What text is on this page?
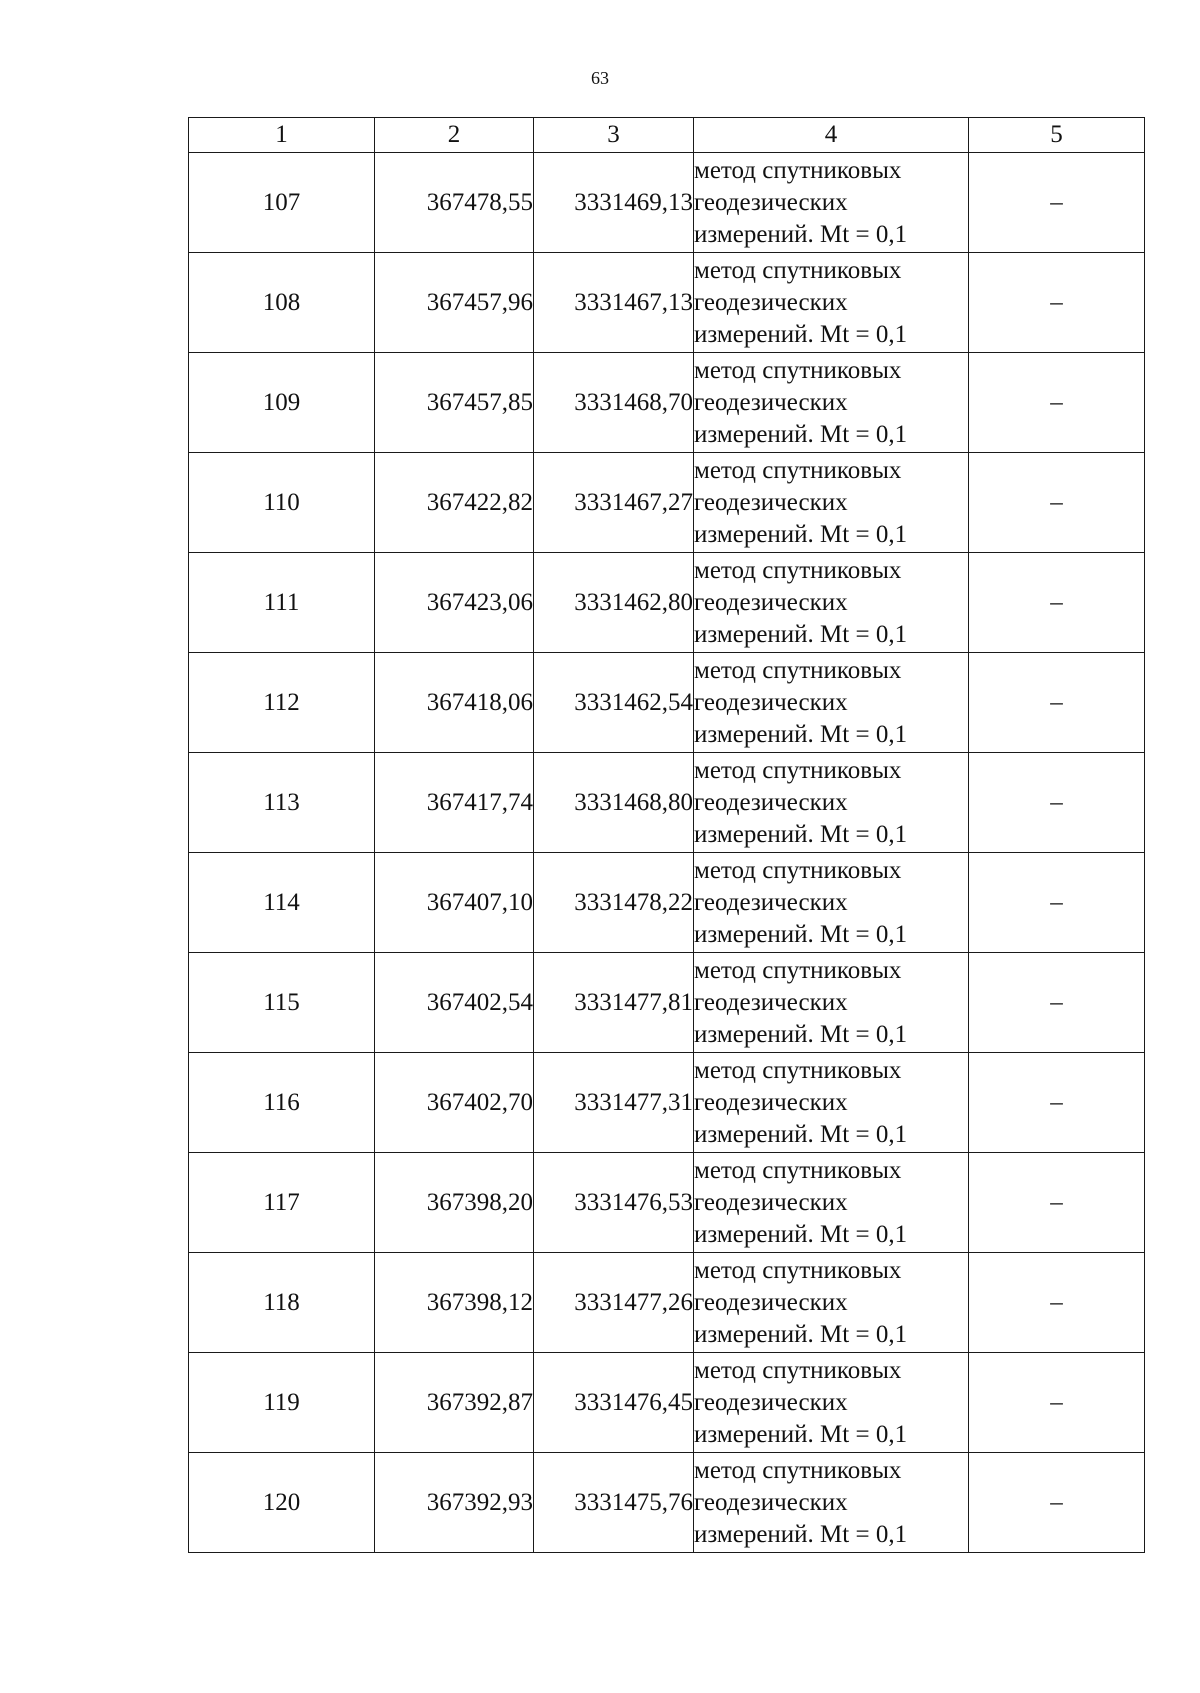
63
1	2	3	4	5
107	367478,55	3331469,13	метод спутниковых
геодезических
измерений. Mt = 0,1	–
108	367457,96	3331467,13	метод спутниковых
геодезических
измерений. Mt = 0,1	–
109	367457,85	3331468,70	метод спутниковых
геодезических
измерений. Mt = 0,1	–
110	367422,82	3331467,27	метод спутниковых
геодезических
измерений. Mt = 0,1	–
111	367423,06	3331462,80	метод спутниковых
геодезических
измерений. Mt = 0,1	–
112	367418,06	3331462,54	метод спутниковых
геодезических
измерений. Mt = 0,1	–
113	367417,74	3331468,80	метод спутниковых
геодезических
измерений. Mt = 0,1	–
114	367407,10	3331478,22	метод спутниковых
геодезических
измерений. Mt = 0,1	–
115	367402,54	3331477,81	метод спутниковых
геодезических
измерений. Mt = 0,1	–
116	367402,70	3331477,31	метод спутниковых
геодезических
измерений. Mt = 0,1	–
117	367398,20	3331476,53	метод спутниковых
геодезических
измерений. Mt = 0,1	–
118	367398,12	3331477,26	метод спутниковых
геодезических
измерений. Mt = 0,1	–
119	367392,87	3331476,45	метод спутниковых
геодезических
измерений. Mt = 0,1	–
120	367392,93	3331475,76	метод спутниковых
геодезических
измерений. Mt = 0,1	–
